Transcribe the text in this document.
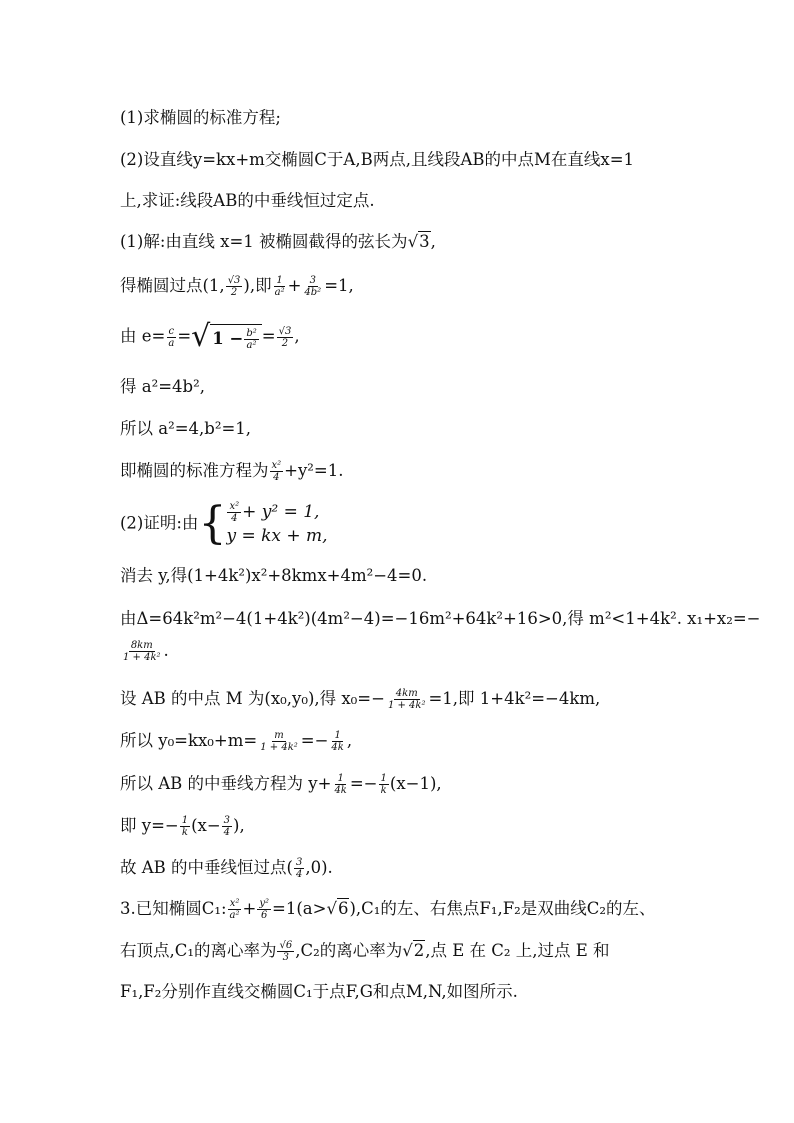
(1)求椭圆的标准方程;
(2)设直线y=kx+m交椭圆C于A,B两点,且线段AB的中点M在直线x=1
上,求证:线段AB的中垂线恒过定点.
(1)解:由直线 x=1 被椭圆截得的弦长为√3,
得椭圆过点(1, $\frac{√3}{2}$ ),即 $\frac{1}{\text{a²}} + \frac{3}{\text{4b²}} =1$,
由 $e= \frac{c}{a}$ = √ $1 - \frac{\text{b²}}{\text{a²}} = \frac{√3}{2}$ ,
得 a²=4b²,
所以 a²=4,b²=1,
即椭圆的标准方程为 $\frac{\text{x²}}{4} +y^2=1$.
(2)证明:由 { $\frac{\text{x²}}{4} + y^2 = 1$,
y = kx + m,
消去 y,得(1+4k²)x²+8kmx+4m²−4=0.
由Δ=64k²m²−4(1+4k²)(4m²−4)=−16m²+64k²+16>0,得 m²<1+4k². x₁+x₂=−
$\frac{8km}{\text{1 + 4k²}}$ .
设 AB 的中点 M 为(x₀,y₀),得 $x_0=- \frac{4km}{\text{1 + 4k²}} =1$,即 1+4k²=−4km,
所以 $y_0=kx_0+m= \frac{m}{\text{1 + 4k²}} =- \frac{1}{4k}$ ,
所以 AB 的中垂线方程为 $y+ \frac{1}{4k} =- \frac{1}{k} (x-1)$,
即 $y=- \frac{1}{k} (x- \frac{3}{4}$ ),
故 AB 的中垂线恒过点( $\frac{3}{4} ,0$).
3.已知椭圆C₁: $\frac{\text{x²}}{\text{a²}} + \frac{\text{y²}}{6} =1(a>√6),C_1$的左、右焦点F₁,F₂是双曲线C₂的左、
右顶点,C₁的离心率为 $\frac{√6}{3} ,C_2$的离心率为√2,点 E 在 C₂ 上,过点 E 和
F₁,F₂分别作直线交椭圆C₁于点F,G和点M,N,如图所示.
